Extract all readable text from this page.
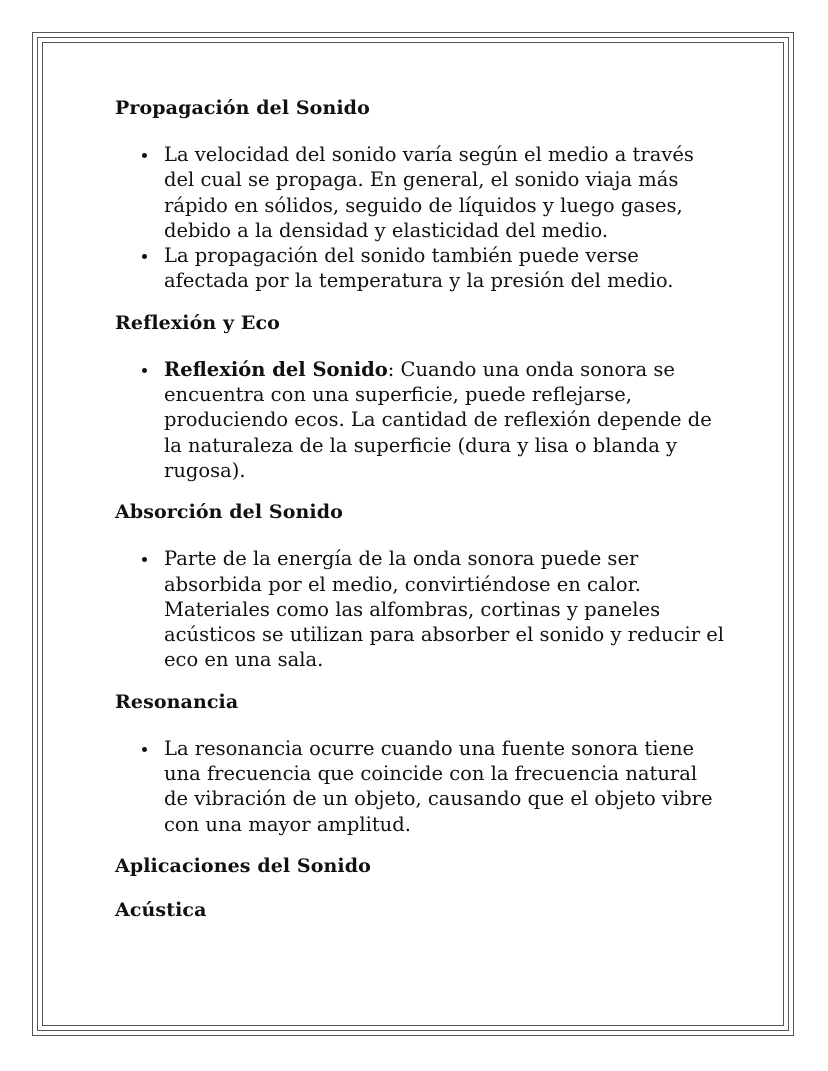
Propagación del Sonido
La velocidad del sonido varía según el medio a través del cual se propaga. En general, el sonido viaja más rápido en sólidos, seguido de líquidos y luego gases, debido a la densidad y elasticidad del medio.
La propagación del sonido también puede verse afectada por la temperatura y la presión del medio.
Reflexión y Eco
Reflexión del Sonido: Cuando una onda sonora se encuentra con una superficie, puede reflejarse, produciendo ecos. La cantidad de reflexión depende de la naturaleza de la superficie (dura y lisa o blanda y rugosa).
Absorción del Sonido
Parte de la energía de la onda sonora puede ser absorbida por el medio, convirtiéndose en calor. Materiales como las alfombras, cortinas y paneles acústicos se utilizan para absorber el sonido y reducir el eco en una sala.
Resonancia
La resonancia ocurre cuando una fuente sonora tiene una frecuencia que coincide con la frecuencia natural de vibración de un objeto, causando que el objeto vibre con una mayor amplitud.
Aplicaciones del Sonido
Acústica
